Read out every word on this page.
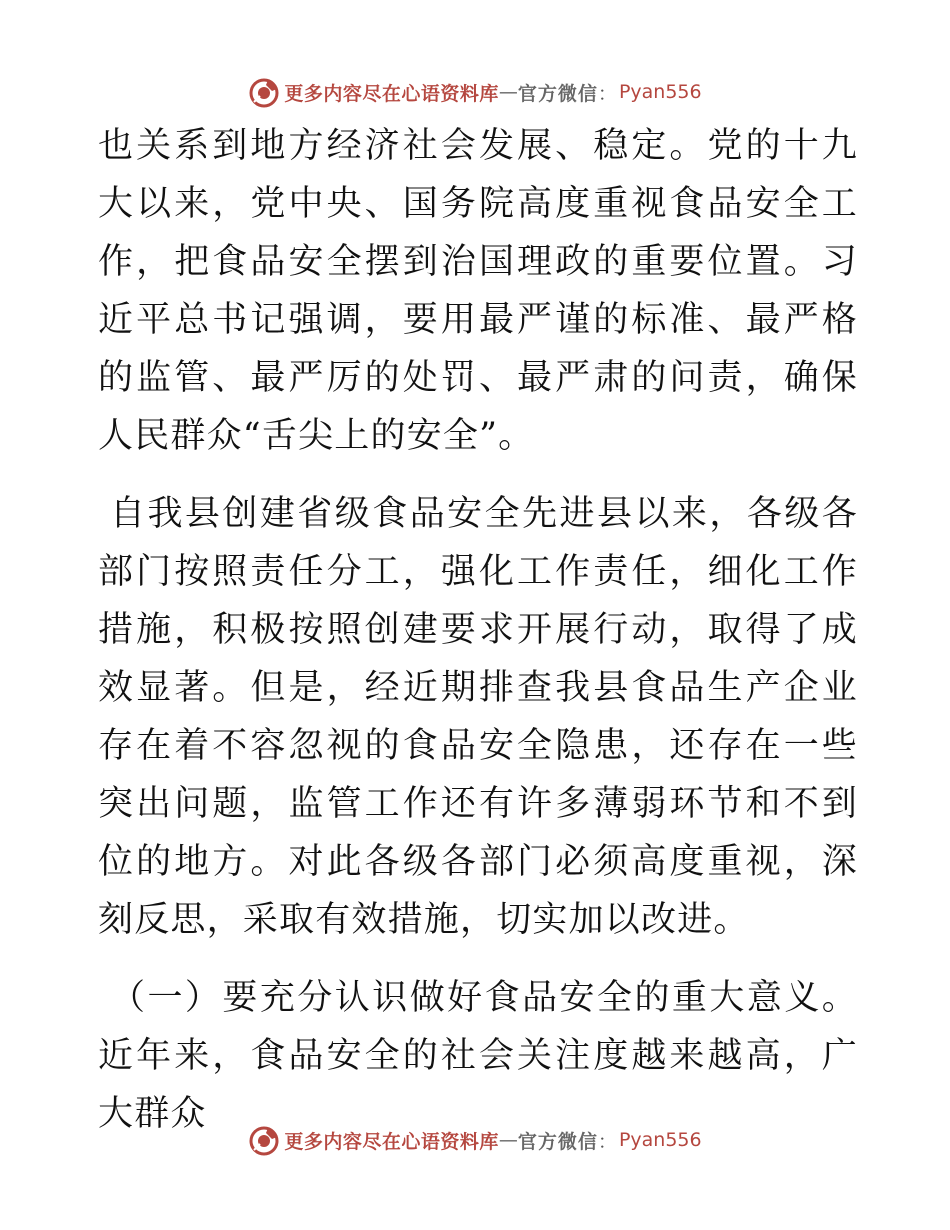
更多内容尽在心语资料库 — 官方微信 ： Pyan556

也关系到地方经济社会发展、稳定。党的十九大以来，党中央、国务院高度重视食品安全工作，把食品安全摆到治国理政的重要位置。习近平总书记强调，要用最严谨的标准、最严格的监管、最严厉的处罚、最严肃的问责，确保人民群众“舌尖上的安全”。

自我县创建省级食品安全先进县以来，各级各部门按照责任分工，强化工作责任，细化工作措施，积极按照创建要求开展行动，取得了成效显著。但是，经近期排查我县食品生产企业存在着不容忽视的食品安全隐患，还存在一些突出问题，监管工作还有许多薄弱环节和不到位的地方。对此各级各部门必须高度重视，深刻反思，采取有效措施，切实加以改进。

（一）要充分认识做好食品安全的重大意义。近年来，食品安全的社会关注度越来越高，广大群众

更多内容尽在心语资料库 — 官方微信 ： Pyan556
